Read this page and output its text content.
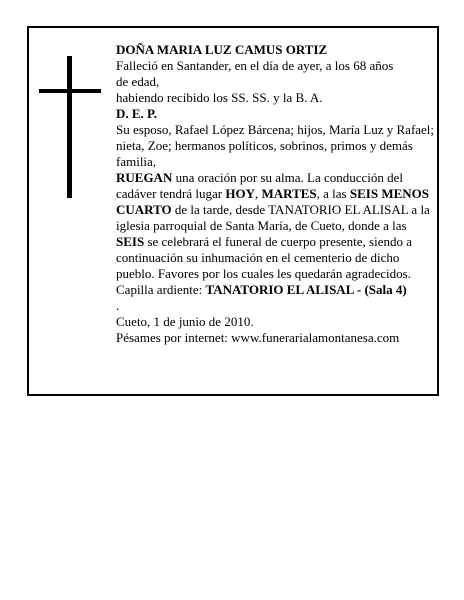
DOÑA MARIA LUZ CAMUS ORTIZ

Falleció en Santander, en el día de ayer, a los 68 años

de edad,

habiendo recibido los SS. SS. y la B. A.

D. E. P.

Su esposo, Rafael López Bárcena; hijos, María Luz y Rafael; nieta, Zoe; hermanos políticos, sobrinos, primos y demás familia,

RUEGAN una oración por su alma. La conducción del cadáver tendrá lugar HOY, MARTES, a las SEIS MENOS CUARTO de la tarde, desde TANATORIO EL ALISAL a la iglesia parroquial de Santa María, de Cueto, donde a las SEIS se celebrará el funeral de cuerpo presente, siendo a continuación su inhumación en el cementerio de dicho pueblo. Favores por los cuales les quedarán agradecidos.

Capilla ardiente: TANATORIO EL ALISAL - (Sala 4)

.

Cueto, 1 de junio de 2010.

Pésames por internet: www.funerarialamontanesa.com
